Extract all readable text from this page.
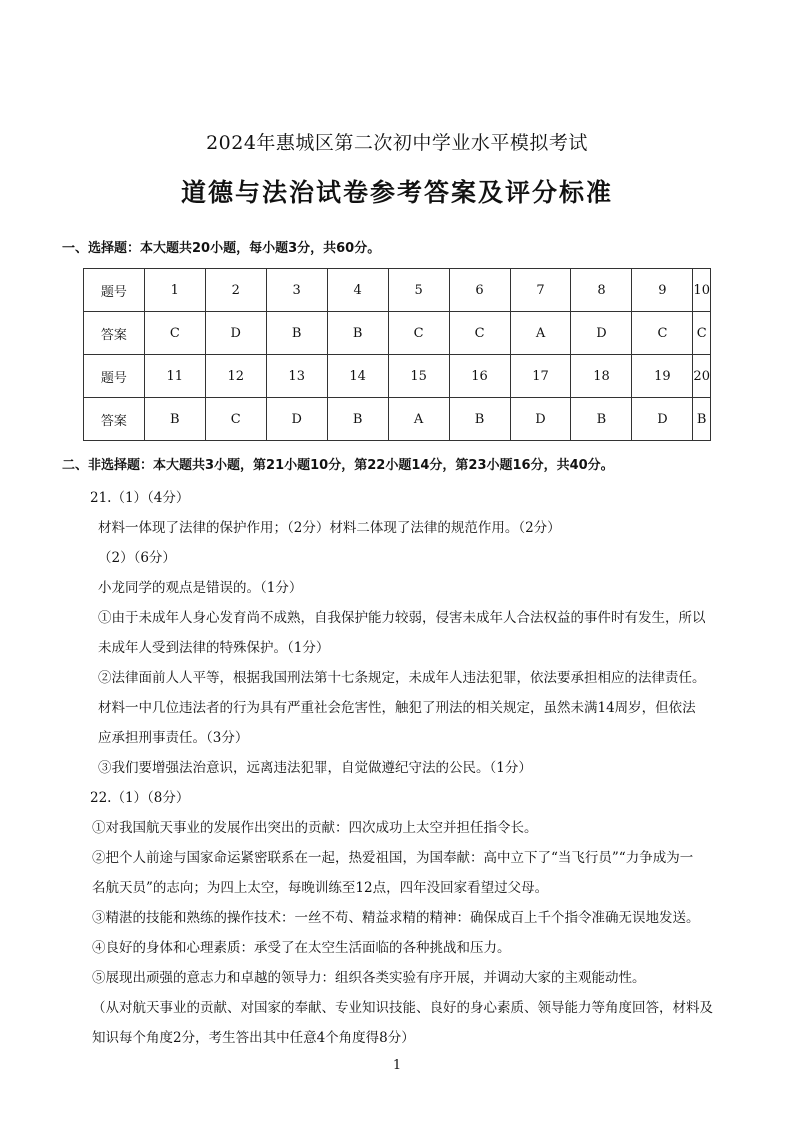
2024年惠城区第二次初中学业水平模拟考试
道德与法治试卷参考答案及评分标准
一、选择题：本大题共20小题，每小题3分，共60分。
题号	1	2	3	4	5	6	7	8	9	10
答案	C	D	B	B	C	C	A	D	C	C
题号	11	12	13	14	15	16	17	18	19	20
答案	B	C	D	B	A	B	D	B	D	B
二、非选择题：本大题共3小题，第21小题10分，第22小题14分，第23小题16分，共40分。
21.（1）（4分）
材料一体现了法律的保护作用；（2分）材料二体现了法律的规范作用。（2分）
（2）（6分）
小龙同学的观点是错误的。（1分）
①由于未成年人身心发育尚不成熟，自我保护能力较弱，侵害未成年人合法权益的事件时有发生，所以
未成年人受到法律的特殊保护。（1分）
②法律面前人人平等，根据我国刑法第十七条规定，未成年人违法犯罪，依法要承担相应的法律责任。
材料一中几位违法者的行为具有严重社会危害性，触犯了刑法的相关规定，虽然未满14周岁，但依法
应承担刑事责任。（3分）
③我们要增强法治意识，远离违法犯罪，自觉做遵纪守法的公民。（1分）
22.（1）（8分）
①对我国航天事业的发展作出突出的贡献：四次成功上太空并担任指令长。
②把个人前途与国家命运紧密联系在一起，热爱祖国，为国奉献：高中立下了“当飞行员”“力争成为一
名航天员”的志向；为四上太空，每晚训练至12点，四年没回家看望过父母。
③精湛的技能和熟练的操作技术：一丝不苟、精益求精的精神：确保成百上千个指令准确无误地发送。
④良好的身体和心理素质：承受了在太空生活面临的各种挑战和压力。
⑤展现出顽强的意志力和卓越的领导力：组织各类实验有序开展，并调动大家的主观能动性。
（从对航天事业的贡献、对国家的奉献、专业知识技能、良好的身心素质、领导能力等角度回答，材料及
知识每个角度2分，考生答出其中任意4个角度得8分）
1
